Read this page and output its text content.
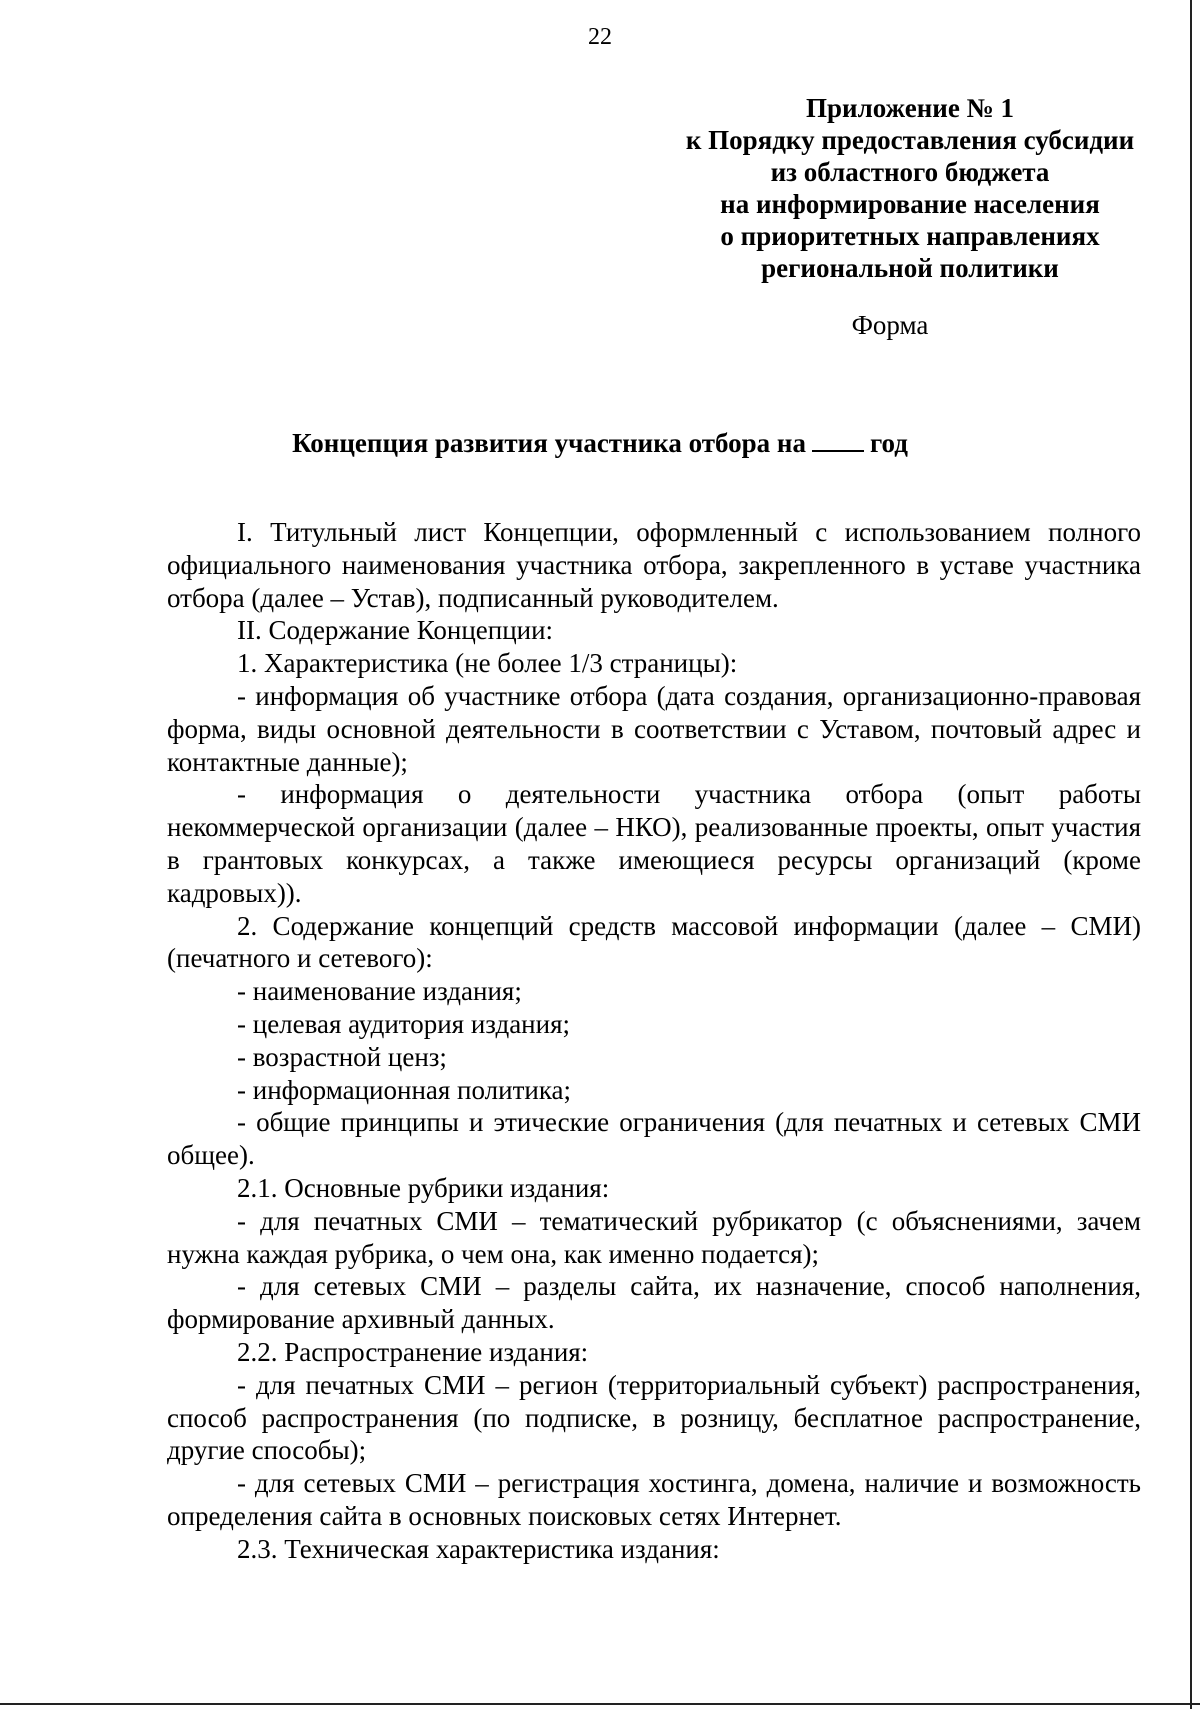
22
Приложение № 1
к Порядку предоставления субсидии
из областного бюджета
на информирование населения
о приоритетных направлениях
региональной политики
Форма
Концепция развития участника отбора на год

I. Титульный лист Концепции, оформленный с использованием полного официального наименования участника отбора, закрепленного в уставе участника отбора (далее – Устав), подписанный руководителем.

II. Содержание Концепции:

1. Характеристика (не более 1/3 страницы):

- информация об участнике отбора (дата создания, организационно-правовая форма, виды основной деятельности в соответствии с Уставом, почтовый адрес и контактные данные);

- информация о деятельности участника отбора (опыт работы некоммерческой организации (далее – НКО), реализованные проекты, опыт участия в грантовых конкурсах, а также имеющиеся ресурсы организаций (кроме кадровых)).

2. Содержание концепций средств массовой информации (далее – СМИ) (печатного и сетевого):

- наименование издания;

- целевая аудитория издания;

- возрастной ценз;

- информационная политика;

- общие принципы и этические ограничения (для печатных и сетевых СМИ общее).

2.1. Основные рубрики издания:

- для печатных СМИ – тематический рубрикатор (с объяснениями, зачем нужна каждая рубрика, о чем она, как именно подается);

- для сетевых СМИ – разделы сайта, их назначение, способ наполнения, формирование архивный данных.

2.2. Распространение издания:

- для печатных СМИ – регион (территориальный субъект) распространения, способ распространения (по подписке, в розницу, бесплатное распространение, другие способы);

- для сетевых СМИ – регистрация хостинга, домена, наличие и возможность определения сайта в основных поисковых сетях Интернет.

2.3. Техническая характеристика издания:
